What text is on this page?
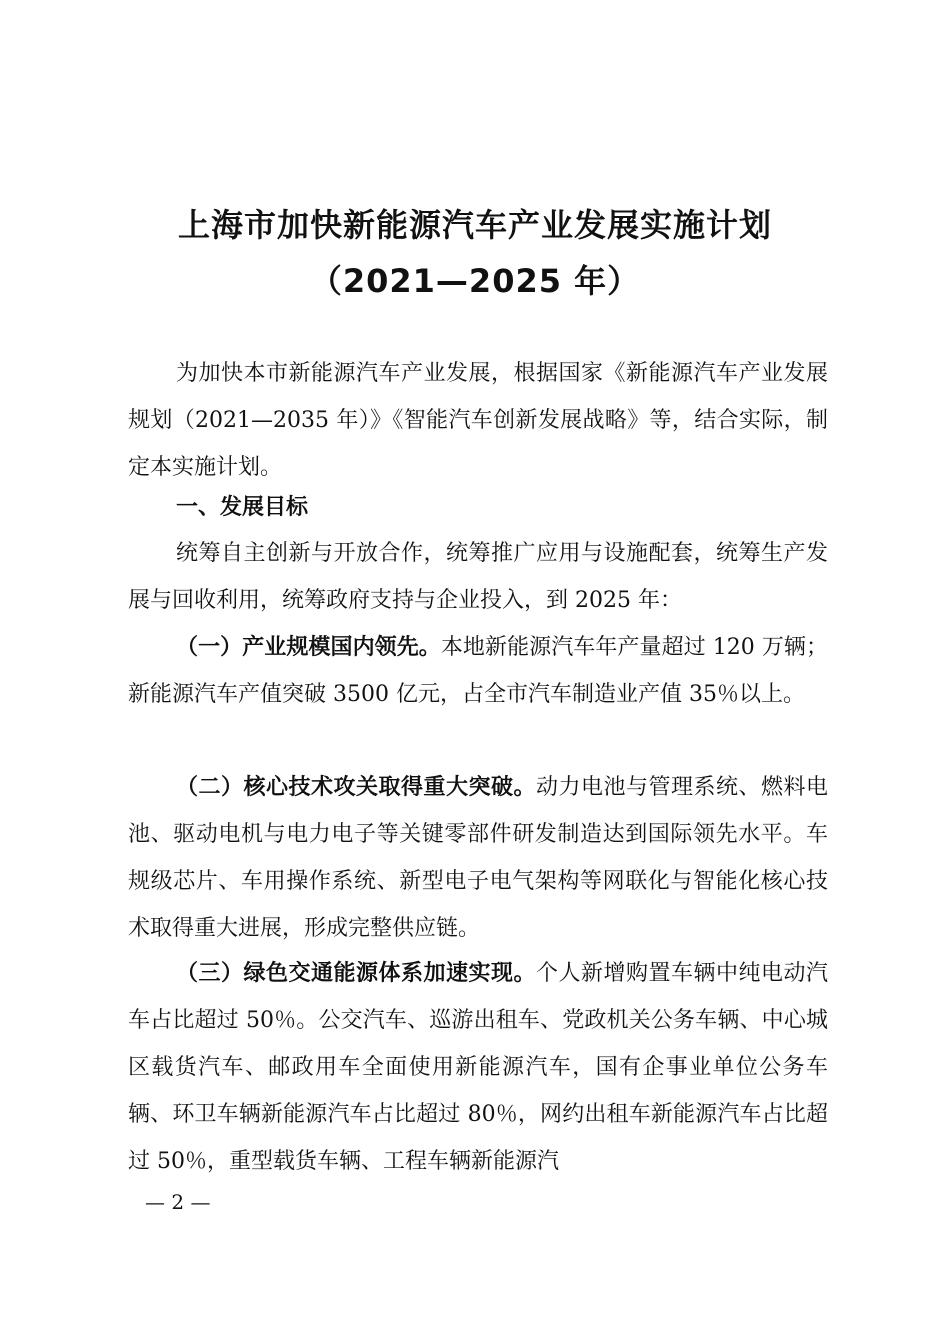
上海市加快新能源汽车产业发展实施计划
（2021—2025 年）

为加快本市新能源汽车产业发展，根据国家《新能源汽车产业发展规划（2021—2035 年）》《智能汽车创新发展战略》等，结合实际，制定本实施计划。

一、发展目标

统筹自主创新与开放合作，统筹推广应用与设施配套，统筹生产发展与回收利用，统筹政府支持与企业投入，到 2025 年：

（一）产业规模国内领先。本地新能源汽车年产量超过 120 万辆；新能源汽车产值突破 3500 亿元，占全市汽车制造业产值 35％以上。

（二）核心技术攻关取得重大突破。动力电池与管理系统、燃料电池、驱动电机与电力电子等关键零部件研发制造达到国际领先水平。车规级芯片、车用操作系统、新型电子电气架构等网联化与智能化核心技术取得重大进展，形成完整供应链。

（三）绿色交通能源体系加速实现。个人新增购置车辆中纯电动汽车占比超过 50％。公交汽车、巡游出租车、党政机关公务车辆、中心城区载货汽车、邮政用车全面使用新能源汽车，国有企事业单位公务车辆、环卫车辆新能源汽车占比超过 80％，网约出租车新能源汽车占比超过 50％，重型载货车辆、工程车辆新能源汽

— 2 —
